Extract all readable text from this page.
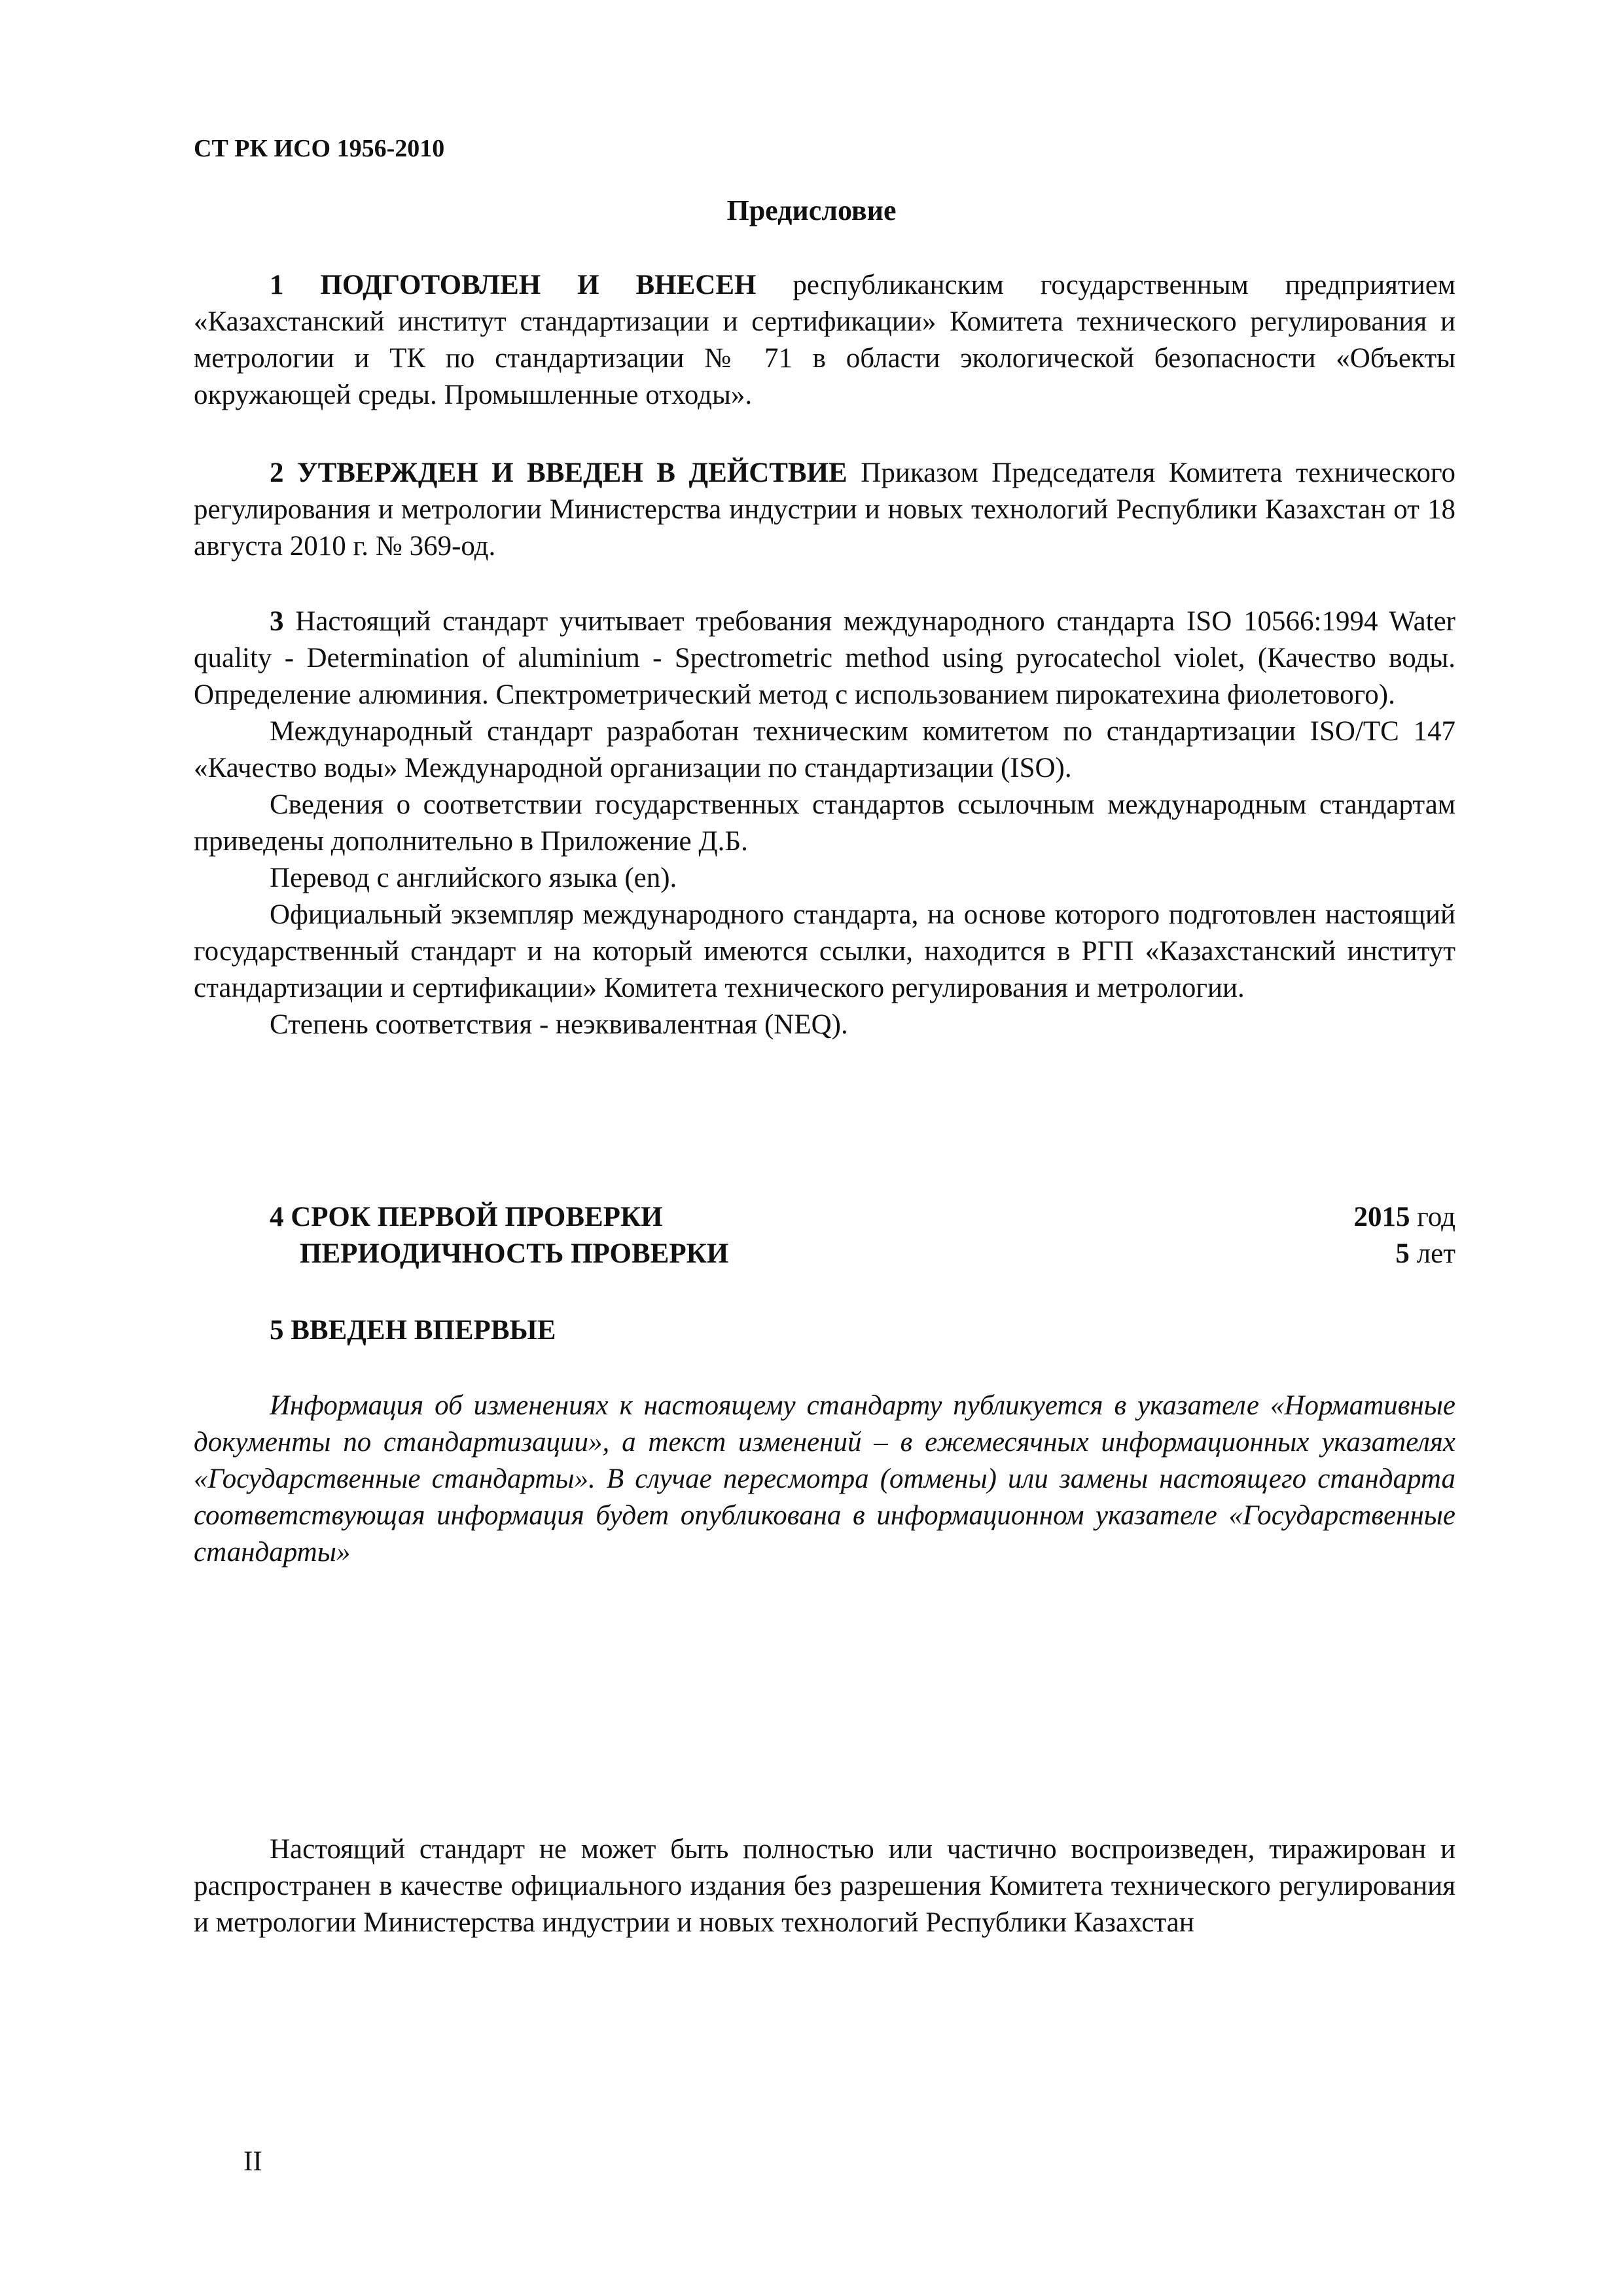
СТ РК ИСО 1956-2010
Предисловие

1 ПОДГОТОВЛЕН И ВНЕСЕН республиканским государственным предприятием «Казахстанский институт стандартизации и сертификации» Комитета технического регулирования и метрологии и ТК по стандартизации № 71 в области экологической безопасности «Объекты окружающей среды. Промышленные отходы».

2 УТВЕРЖДЕН И ВВЕДЕН В ДЕЙСТВИЕ Приказом Председателя Комитета технического регулирования и метрологии Министерства индустрии и новых технологий Республики Казахстан от 18 августа 2010 г. № 369-од.

3 Настоящий стандарт учитывает требования международного стандарта ISO 10566:1994 Water quality - Determination of aluminium - Spectrometric method using pyrocatechol violet, (Качество воды. Определение алюминия. Спектрометрический метод с использованием пирокатехина фиолетового).

Международный стандарт разработан техническим комитетом по стандартизации ISO/TC 147 «Качество воды» Международной организации по стандартизации (ISO).

Сведения о соответствии государственных стандартов ссылочным международным стандартам приведены дополнительно в Приложение Д.Б.

Перевод с английского языка (en).

Официальный экземпляр международного стандарта, на основе которого подготовлен настоящий государственный стандарт и на который имеются ссылки, находится в РГП «Казахстанский институт стандартизации и сертификации» Комитета технического регулирования и метрологии.

Степень соответствия - неэквивалентная (NEQ).

4 СРОК ПЕРВОЙ ПРОВЕРКИ	2015 год
ПЕРИОДИЧНОСТЬ ПРОВЕРКИ	5 лет
5 ВВЕДЕН ВПЕРВЫЕ

Информация об изменениях к настоящему стандарту публикуется в указателе «Нормативные документы по стандартизации», а текст изменений – в ежемесячных информационных указателях «Государственные стандарты». В случае пересмотра (отмены) или замены настоящего стандарта соответствующая информация будет опубликована в информационном указателе «Государственные стандарты»

Настоящий стандарт не может быть полностью или частично воспроизведен, тиражирован и распространен в качестве официального издания без разрешения Комитета технического регулирования и метрологии Министерства индустрии и новых технологий Республики Казахстан

II
